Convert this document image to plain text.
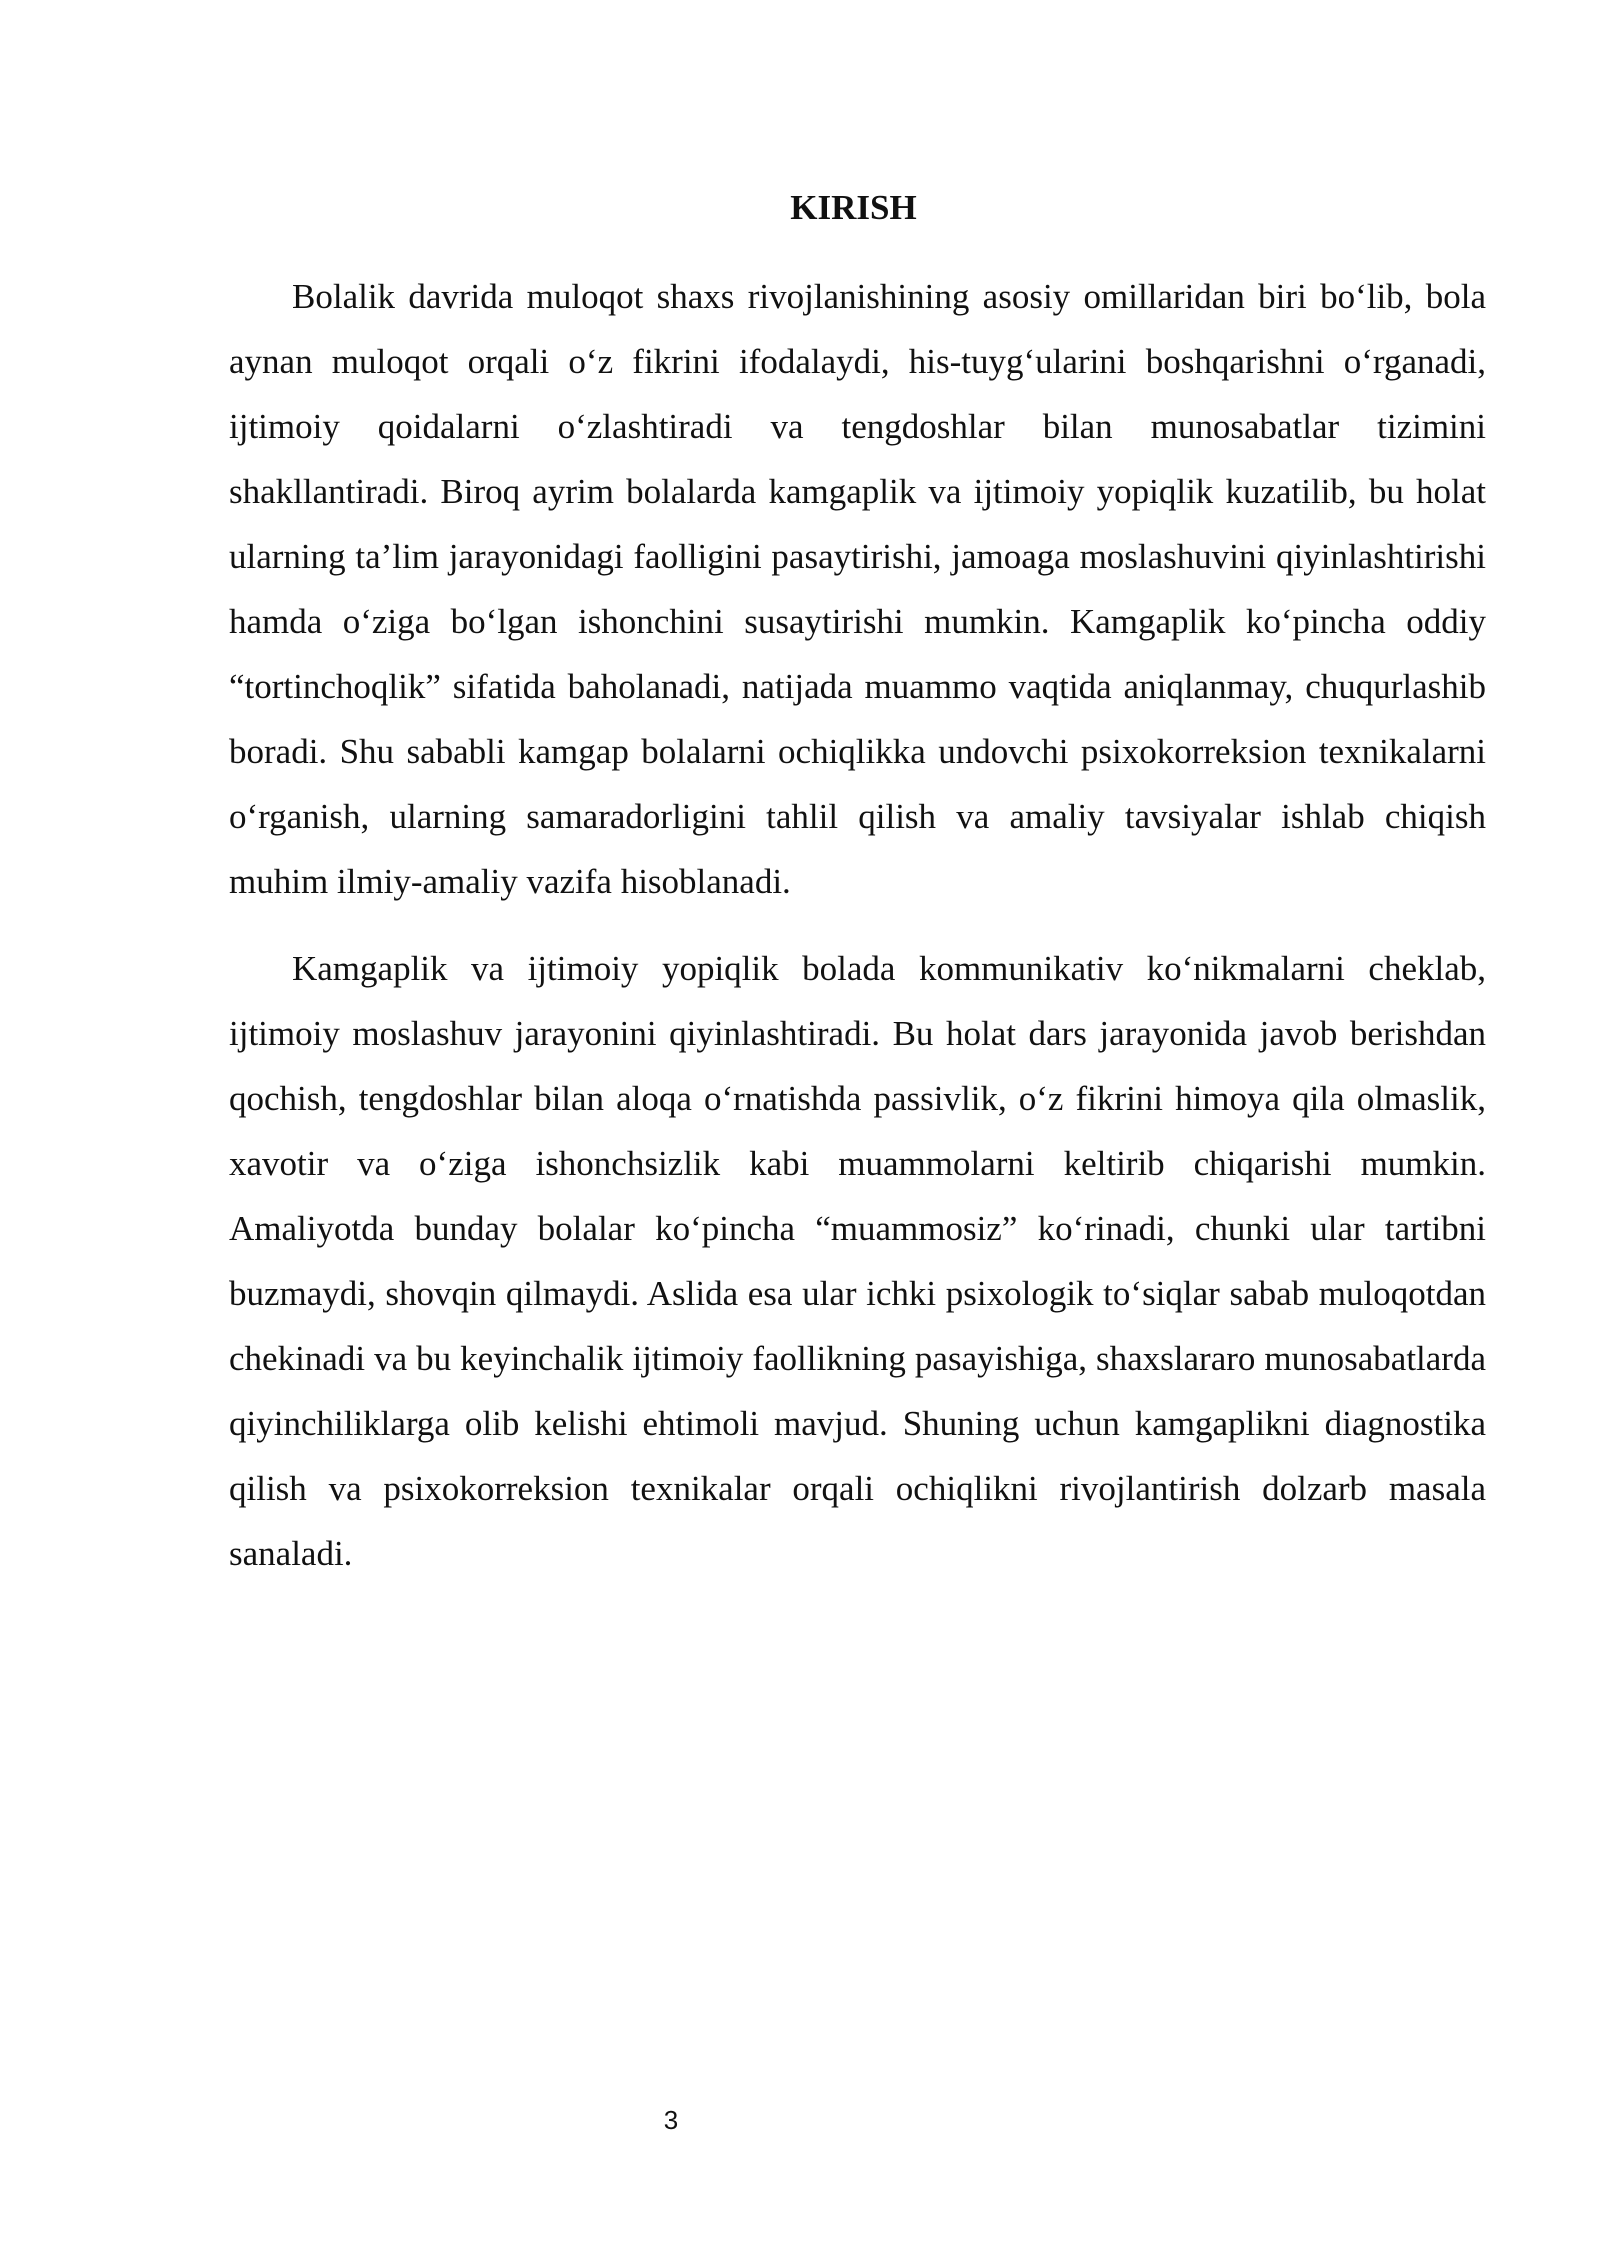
KIRISH

Bolalik davrida muloqot shaxs rivojlanishining asosiy omillaridan biri bo‘lib, bola aynan muloqot orqali o‘z fikrini ifodalaydi, his-tuyg‘ularini boshqarishni o‘rganadi, ijtimoiy qoidalarni o‘zlashtiradi va tengdoshlar bilan munosabatlar tizimini shakllantiradi. Biroq ayrim bolalarda kamgaplik va ijtimoiy yopiqlik kuzatilib, bu holat ularning ta’lim jarayonidagi faolligini pasaytirishi, jamoaga moslashuvini qiyinlashtirishi hamda o‘ziga bo‘lgan ishonchini susaytirishi mumkin. Kamgaplik ko‘pincha oddiy “tortinchoqlik” sifatida baholanadi, natijada muammo vaqtida aniqlanmay, chuqurlashib boradi. Shu sababli kamgap bolalarni ochiqlikka undovchi psixokorreksion texnikalarni o‘rganish, ularning samaradorligini tahlil qilish va amaliy tavsiyalar ishlab chiqish muhim ilmiy-amaliy vazifa hisoblanadi.

Kamgaplik va ijtimoiy yopiqlik bolada kommunikativ ko‘nikmalarni cheklab, ijtimoiy moslashuv jarayonini qiyinlashtiradi. Bu holat dars jarayonida javob berishdan qochish, tengdoshlar bilan aloqa o‘rnatishda passivlik, o‘z fikrini himoya qila olmaslik, xavotir va o‘ziga ishonchsizlik kabi muammolarni keltirib chiqarishi mumkin. Amaliyotda bunday bolalar ko‘pincha “muammosiz” ko‘rinadi, chunki ular tartibni buzmaydi, shovqin qilmaydi. Aslida esa ular ichki psixologik to‘siqlar sabab muloqotdan chekinadi va bu keyinchalik ijtimoiy faollikning pasayishiga, shaxslararo munosabatlarda qiyinchiliklarga olib kelishi ehtimoli mavjud. Shuning uchun kamgaplikni diagnostika qilish va psixokorreksion texnikalar orqali ochiqlikni rivojlantirish dolzarb masala sanaladi.

3
